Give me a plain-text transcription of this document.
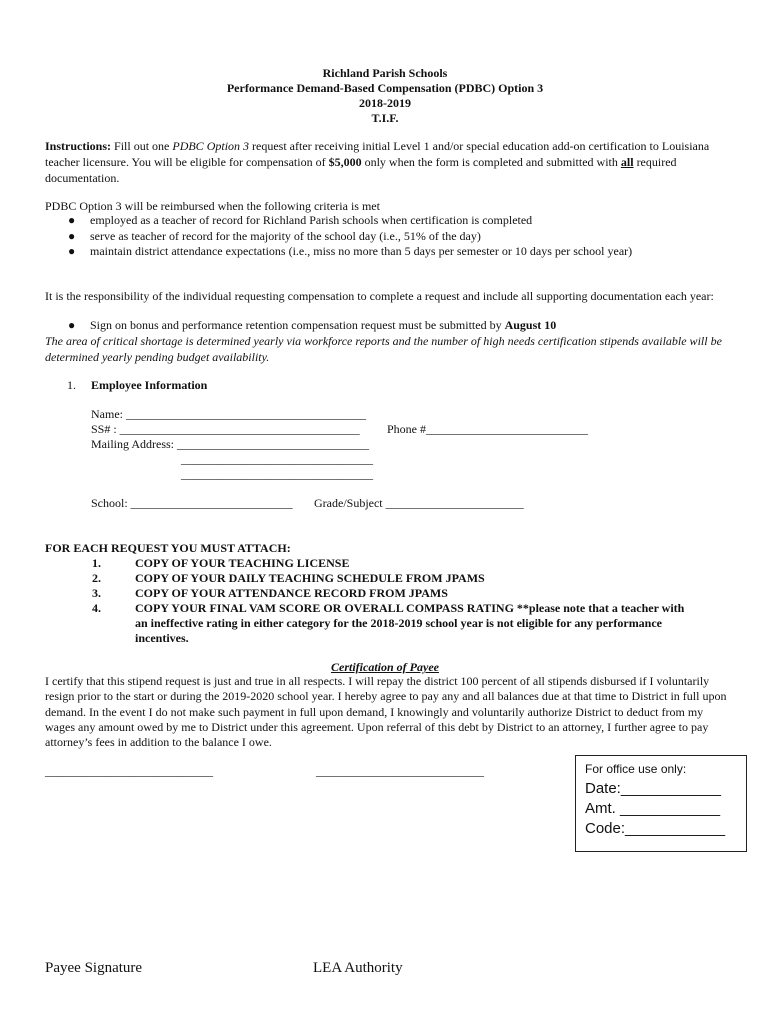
Richland Parish Schools
Performance Demand-Based Compensation (PDBC) Option 3
2018-2019
T.I.F.
Instructions: Fill out one PDBC Option 3 request after receiving initial Level 1 and/or special education add-on certification to Louisiana teacher licensure. You will be eligible for compensation of $5,000 only when the form is completed and submitted with all required documentation.
PDBC Option 3 will be reimbursed when the following criteria is met
● employed as a teacher of record for Richland Parish schools when certification is completed
● serve as teacher of record for the majority of the school day (i.e., 51% of the day)
● maintain district attendance expectations (i.e., miss no more than 5 days per semester or 10 days per school year)
It is the responsibility of the individual requesting compensation to complete a request and include all supporting documentation each year:
● Sign on bonus and performance retention compensation request must be submitted by August 10
The area of critical shortage is determined yearly via workforce reports and the number of high needs certification stipends available will be determined yearly pending budget availability.
1. Employee Information
Name: ________________________________________
SS# : ________________________________________ Phone #___________________________
Mailing Address: ________________________________
________________________________
________________________________
School: ___________________________ Grade/Subject _______________________
FOR EACH REQUEST YOU MUST ATTACH:
1.	COPY OF YOUR TEACHING LICENSE
2.	COPY OF YOUR DAILY TEACHING SCHEDULE FROM JPAMS
3.	COPY OF YOUR ATTENDANCE RECORD FROM JPAMS
4.	COPY YOUR FINAL VAM SCORE OR OVERALL COMPASS RATING **please note that a teacher with
an ineffective rating in either category for the 2018-2019 school year is not eligible for any performance
incentives.
Certification of Payee
I certify that this stipend request is just and true in all respects. I will repay the district 100 percent of all stipends disbursed if I voluntarily resign prior to the start or during the 2019-2020 school year. I hereby agree to pay any and all balances due at that time to District in full upon demand. In the event I do not make such payment in full upon demand, I knowingly and voluntarily authorize District to deduct from my wages any amount owed by me to District under this agreement. Upon referral of this debt by District to an attorney, I further agree to pay attorney’s fees in addition to the balance I owe.
____________________________	____________________________	For office use only:
Date:____________
Amt. ____________
Code:____________
Payee Signature	LEA Authority
